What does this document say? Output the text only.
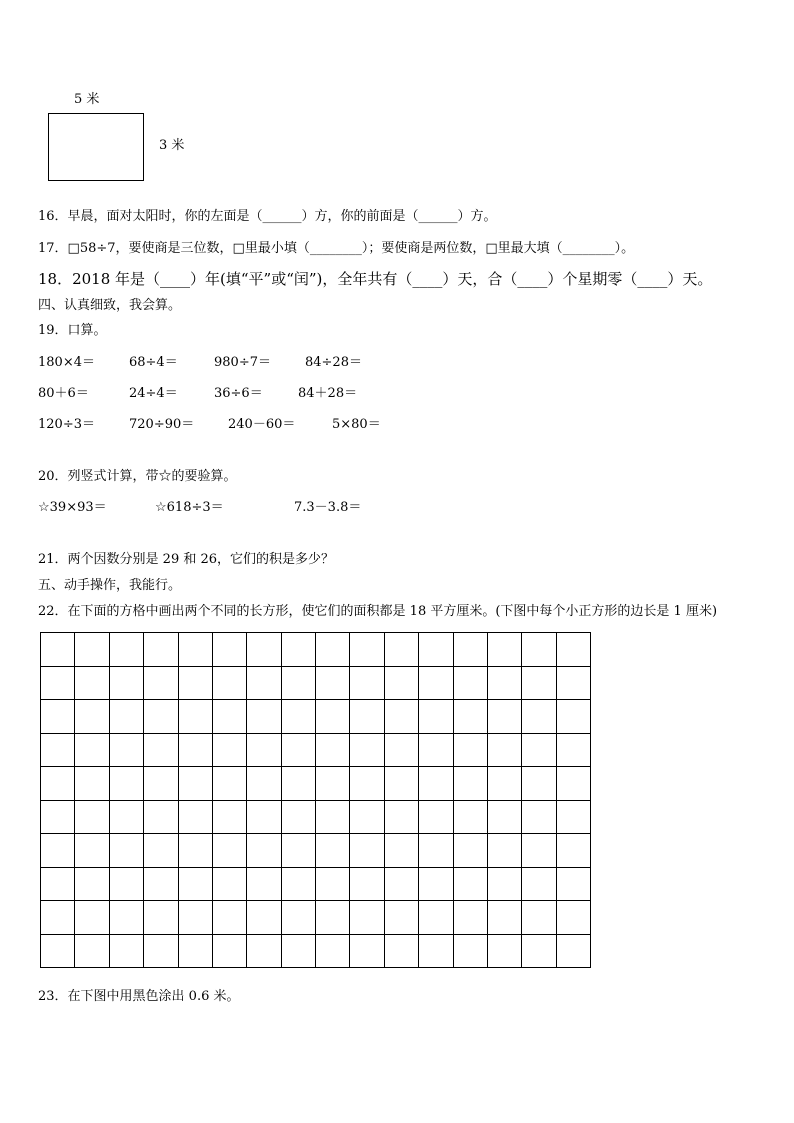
5 米
3 米
16．早晨，面对太阳时，你的左面是（______）方，你的前面是（______）方。
17．□58÷7，要使商是三位数，□里最小填（________）；要使商是两位数，□里最大填（________）。
18．2018 年是（____）年(填“平”或“闰”)，全年共有（____）天，合（____）个星期零（____）天。
四、认真细致，我会算。
19．口算。
180×4＝	68÷4＝	980÷7＝	84÷28＝
80＋6＝	24÷4＝	36÷6＝	84＋28＝
120÷3＝	720÷90＝	240－60＝	5×80＝
20．列竖式计算，带☆的要验算。
☆39×93＝	☆618÷3＝	7.3－3.8＝
21．两个因数分别是 29 和 26，它们的积是多少？
五、动手操作，我能行。
22．在下面的方格中画出两个不同的长方形，使它们的面积都是 18 平方厘米。(下图中每个小正方形的边长是 1 厘米)
23．在下图中用黑色涂出 0.6 米。
